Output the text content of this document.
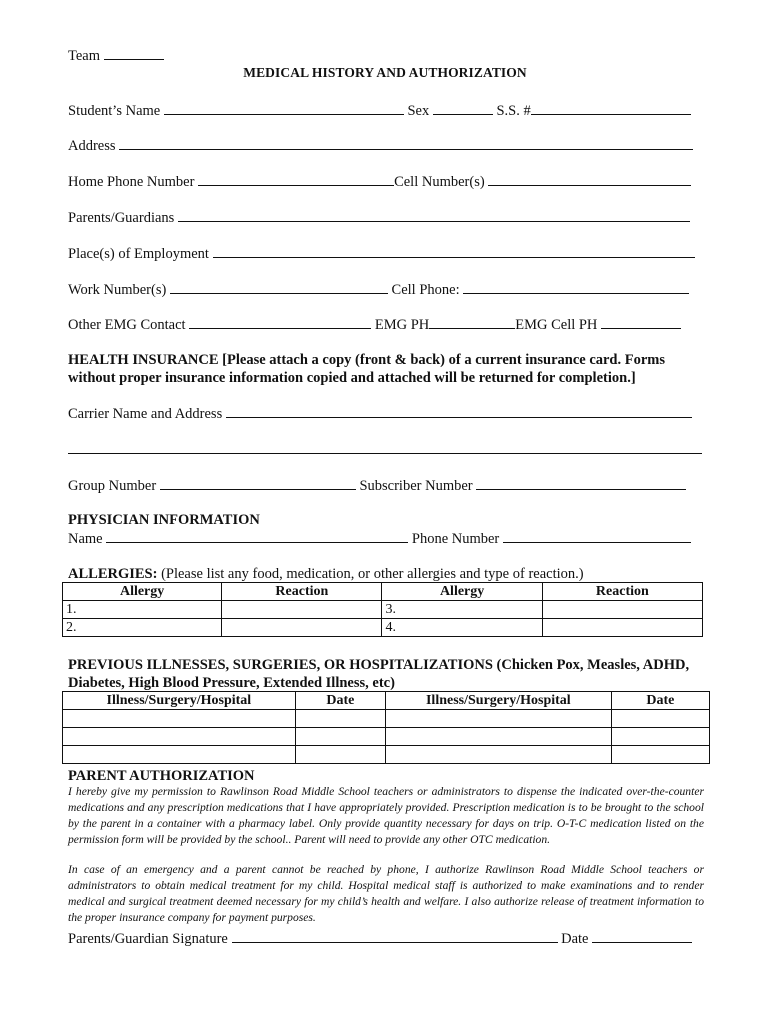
Team
MEDICAL HISTORY AND AUTHORIZATION
Student’s Name	Sex	S.S. #
Address
Home Phone Number	Cell Number(s)
Parents/Guardians
Place(s) of Employment
Work Number(s)	Cell Phone:
Other EMG Contact	EMG PH	EMG Cell PH
HEALTH INSURANCE [Please attach a copy (front & back) of a current insurance card. Forms without proper insurance information copied and attached will be returned for completion.]
Carrier Name and Address
Group Number	Subscriber Number
PHYSICIAN INFORMATION
Name	Phone Number
ALLERGIES: (Please list any food, medication, or other allergies and type of reaction.)
Allergy	Reaction	Allergy	Reaction
1.		3.	
2.		4.	
PREVIOUS ILLNESSES, SURGERIES, OR HOSPITALIZATIONS (Chicken Pox, Measles, ADHD, Diabetes, High Blood Pressure, Extended Illness, etc)
Illness/Surgery/Hospital	Date	Illness/Surgery/Hospital	Date

PARENT AUTHORIZATION
I hereby give my permission to Rawlinson Road Middle School teachers or administrators to dispense the indicated over-the-counter medications and any prescription medications that I have appropriately provided. Prescription medication is to be brought to the school by the parent in a container with a pharmacy label. Only provide quantity necessary for days on trip. O-T-C medication listed on the permission form will be provided by the school.. Parent will need to provide any other OTC medication.
In case of an emergency and a parent cannot be reached by phone, I authorize Rawlinson Road Middle School teachers or administrators to obtain medical treatment for my child. Hospital medical staff is authorized to make examinations and to render medical and surgical treatment deemed necessary for my child’s health and welfare. I also authorize release of treatment information to the proper insurance company for payment purposes.
Parents/Guardian Signature	Date
